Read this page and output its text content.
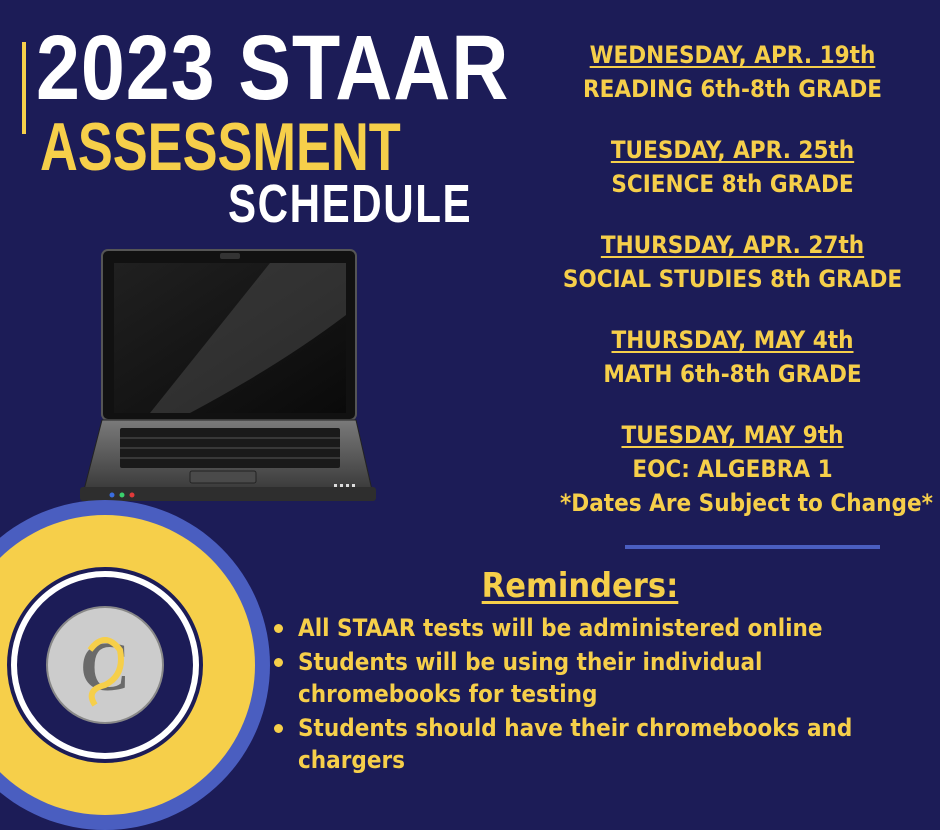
2023 STAAR
ASSESSMENT
SCHEDULE
C
WEDNESDAY, APR. 19th
READING 6th-8th GRADE
TUESDAY, APR. 25th
SCIENCE 8th GRADE
THURSDAY, APR. 27th
SOCIAL STUDIES 8th GRADE
THURSDAY, MAY 4th
MATH 6th-8th GRADE
TUESDAY, MAY 9th
EOC: ALGEBRA 1
*Dates Are Subject to Change*
Reminders:
All STAAR tests will be administered online
Students will be using their individual chromebooks for testing
Students should have their chromebooks and chargers
